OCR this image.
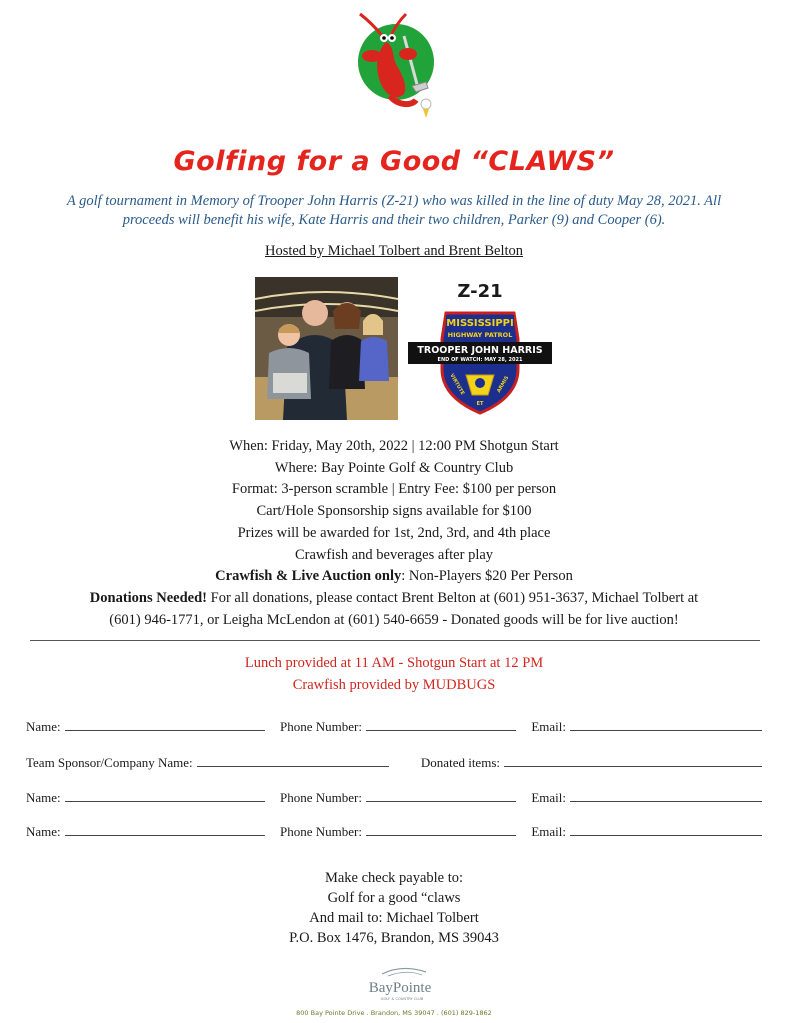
Golfing for a Good “CLAWS”
A golf tournament in Memory of Trooper John Harris (Z-21) who was killed in the line of duty May 28, 2021. All
proceeds will benefit his wife, Kate Harris and their two children, Parker (9) and Cooper (6).
Hosted by Michael Tolbert and Brent Belton
Z-21
MISSISSIPPI
HIGHWAY PATROL
TROOPER JOHN HARRIS
END OF WATCH: MAY 28, 2021
VIRTUTE
ET
ARMIS
When: Friday, May 20th, 2022 | 12:00 PM Shotgun Start
Where: Bay Pointe Golf & Country Club
Format: 3-person scramble | Entry Fee: $100 per person
Cart/Hole Sponsorship signs available for $100
Prizes will be awarded for 1st, 2nd, 3rd, and 4th place
Crawfish and beverages after play
Crawfish & Live Auction only: Non-Players $20 Per Person
Donations Needed! For all donations, please contact Brent Belton at (601) 951-3637, Michael Tolbert at
(601) 946-1771, or Leigha McLendon at (601) 540-6659 - Donated goods will be for live auction!
Lunch provided at 11 AM - Shotgun Start at 12 PM
Crawfish provided by MUDBUGS
Name:	Phone Number:	Email:
Team Sponsor/Company Name:	Donated items:
Name:	Phone Number:	Email:
Name:	Phone Number:	Email:
Make check payable to:
Golf for a good “claws
And mail to: Michael Tolbert
P.O. Box 1476, Brandon, MS 39043
BayPointe
GOLF & COUNTRY CLUB
800 Bay Pointe Drive . Brandon, MS 39047 . (601) 829-1862
